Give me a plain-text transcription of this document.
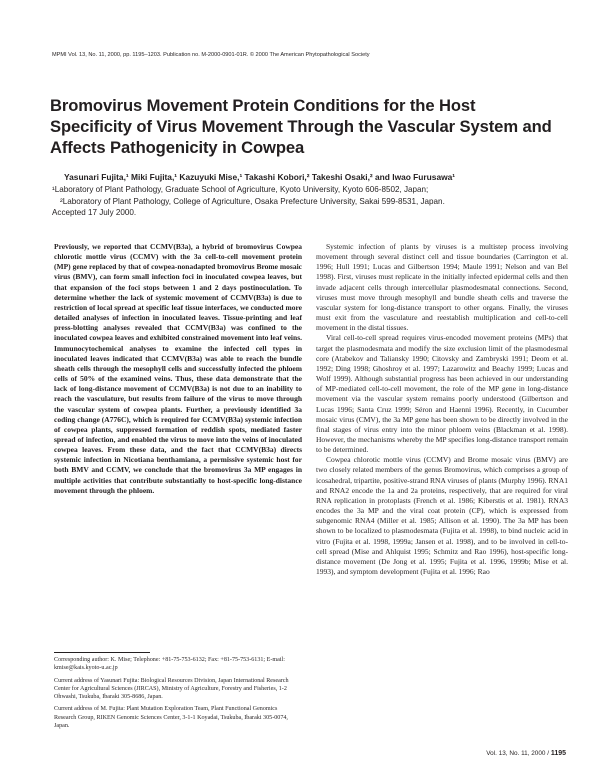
MPMI Vol. 13, No. 11, 2000, pp. 1195–1203. Publication no. M-2000-0901-01R. © 2000 The American Phytopathological Society
Bromovirus Movement Protein Conditions for the Host Specificity of Virus Movement Through the Vascular System and Affects Pathogenicity in Cowpea
Yasunari Fujita,¹ Miki Fujita,¹ Kazuyuki Mise,¹ Takashi Kobori,² Takeshi Osaki,² and Iwao Furusawa¹
¹Laboratory of Plant Pathology, Graduate School of Agriculture, Kyoto University, Kyoto 606-8502, Japan;
²Laboratory of Plant Pathology, College of Agriculture, Osaka Prefecture University, Sakai 599-8531, Japan.
Accepted 17 July 2000.

Previously, we reported that CCMV(B3a), a hybrid of bromovirus Cowpea chlorotic mottle virus (CCMV) with the 3a cell-to-cell movement protein (MP) gene replaced by that of cowpea-nonadapted bromovirus Brome mosaic virus (BMV), can form small infection foci in inoculated cowpea leaves, but that expansion of the foci stops between 1 and 2 days postinoculation. To determine whether the lack of systemic movement of CCMV(B3a) is due to restriction of local spread at specific leaf tissue interfaces, we conducted more detailed analyses of infection in inoculated leaves. Tissue-printing and leaf press-blotting analyses revealed that CCMV(B3a) was confined to the inoculated cowpea leaves and exhibited constrained movement into leaf veins. Immunocytochemical analyses to examine the infected cell types in inoculated leaves indicated that CCMV(B3a) was able to reach the bundle sheath cells through the mesophyll cells and successfully infected the phloem cells of 50% of the examined veins. Thus, these data demonstrate that the lack of long-distance movement of CCMV(B3a) is not due to an inability to reach the vasculature, but results from failure of the virus to move through the vascular system of cowpea plants. Further, a previously identified 3a coding change (A776C), which is required for CCMV(B3a) systemic infection of cowpea plants, suppressed formation of reddish spots, mediated faster spread of infection, and enabled the virus to move into the veins of inoculated cowpea leaves. From these data, and the fact that CCMV(B3a) directs systemic infection in Nicotiana benthamiana, a permissive systemic host for both BMV and CCMV, we conclude that the bromovirus 3a MP engages in multiple activities that contribute substantially to host-specific long-distance movement through the phloem.

Systemic infection of plants by viruses is a multistep process involving movement through several distinct cell and tissue boundaries (Carrington et al. 1996; Hull 1991; Lucas and Gilbertson 1994; Maule 1991; Nelson and van Bel 1998). First, viruses must replicate in the initially infected epidermal cells and then invade adjacent cells through intercellular plasmodesmatal connections. Second, viruses must move through mesophyll and bundle sheath cells and traverse the vascular system for long-distance transport to other organs. Finally, the viruses must exit from the vasculature and reestablish multiplication and cell-to-cell movement in the distal tissues.

Viral cell-to-cell spread requires virus-encoded movement proteins (MPs) that target the plasmodesmata and modify the size exclusion limit of the plasmodesmal core (Atabekov and Taliansky 1990; Citovsky and Zambryski 1991; Deom et al. 1992; Ding 1998; Ghoshroy et al. 1997; Lazarowitz and Beachy 1999; Lucas and Wolf 1999). Although substantial progress has been achieved in our understanding of MP-mediated cell-to-cell movement, the role of the MP gene in long-distance movement via the vascular system remains poorly understood (Gilbertson and Lucas 1996; Santa Cruz 1999; Séron and Haenni 1996). Recently, in Cucumber mosaic virus (CMV), the 3a MP gene has been shown to be directly involved in the final stages of virus entry into the minor phloem veins (Blackman et al. 1998). However, the mechanisms whereby the MP specifies long-distance transport remain to be determined.

Cowpea chlorotic mottle virus (CCMV) and Brome mosaic virus (BMV) are two closely related members of the genus Bromovirus, which comprises a group of icosahedral, tripartite, positive-strand RNA viruses of plants (Murphy 1996). RNA1 and RNA2 encode the 1a and 2a proteins, respectively, that are required for viral RNA replication in protoplasts (French et al. 1986; Kiberstis et al. 1981). RNA3 encodes the 3a MP and the viral coat protein (CP), which is expressed from subgenomic RNA4 (Miller et al. 1985; Allison et al. 1990). The 3a MP has been shown to be localized to plasmodesmata (Fujita et al. 1998), to bind nucleic acid in vitro (Fujita et al. 1998, 1999a; Jansen et al. 1998), and to be involved in cell-to-cell spread (Mise and Ahlquist 1995; Schmitz and Rao 1996), host-specific long-distance movement (De Jong et al. 1995; Fujita et al. 1996, 1999b; Mise et al. 1993), and symptom development (Fujita et al. 1996; Rao

Corresponding author: K. Mise; Telephone: +81-75-753-6132; Fax: +81-75-753-6131; E-mail: kmise@kais.kyoto-u.ac.jp

Current address of Yasunari Fujita: Biological Resources Division, Japan International Research Center for Agricultural Sciences (JIRCAS), Ministry of Agriculture, Forestry and Fisheries, 1-2 Ohwashi, Tsukuba, Ibaraki 305-8686, Japan.

Current address of M. Fujita: Plant Mutation Exploration Team, Plant Functional Genomics Research Group, RIKEN Genomic Sciences Center, 3-1-1 Koyadai, Tsukuba, Ibaraki 305-0074, Japan.

Vol. 13, No. 11, 2000 / 1195
